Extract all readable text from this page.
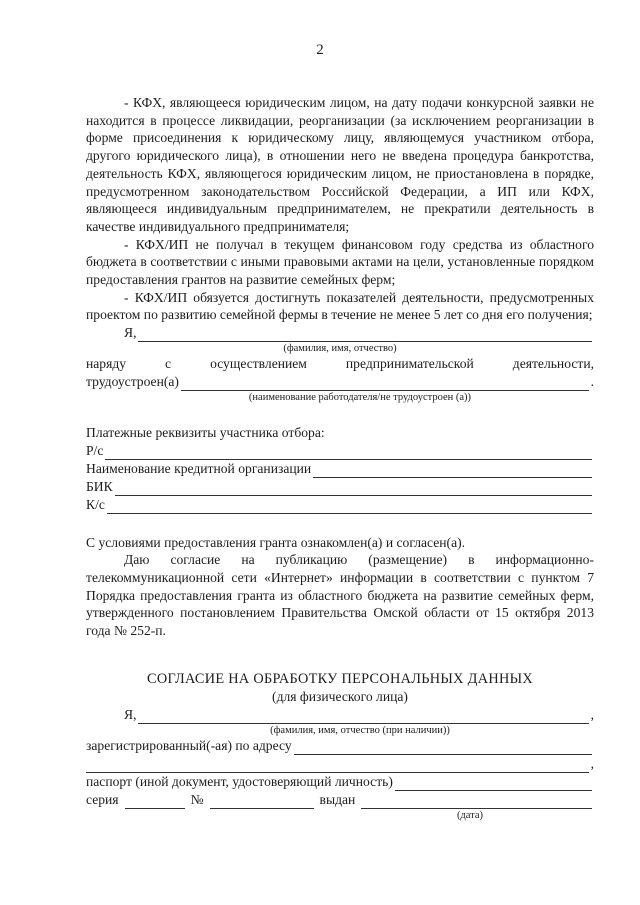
2

- КФХ, являющееся юридическим лицом, на дату подачи конкурсной заявки не находится в процессе ликвидации, реорганизации (за исключением реорганизации в форме присоединения к юридическому лицу, являющемуся участником отбора, другого юридического лица), в отношении него не введена процедура банкротства, деятельность КФХ, являющегося юридическим лицом, не приостановлена в порядке, предусмотренном законодательством Российской Федерации, а ИП или КФХ, являющееся индивидуальным предпринимателем, не прекратили деятельность в качестве индивидуального предпринимателя;

- КФХ/ИП не получал в текущем финансовом году средства из областного бюджета в соответствии с иными правовыми актами на цели, установленные порядком предоставления грантов на развитие семейных ферм;

- КФХ/ИП обязуется достигнуть показателей деятельности, предусмотренных проектом по развитию семейной фермы в течение не менее 5 лет со дня его получения;

Я,
(фамилия, имя, отчество)

наряду с осуществлением предпринимательской деятельности,

трудоустроен(а)	.
(наименование работодателя/не трудоустроен (а))

Платежные реквизиты участника отбора:

Р/с
Наименование кредитной организации
БИК
К/с

С условиями предоставления гранта ознакомлен(а) и согласен(а).

Даю согласие на публикацию (размещение) в информационно-телекоммуникационной сети «Интернет» информации в соответствии с пунктом 7 Порядка предоставления гранта из областного бюджета на развитие семейных ферм, утвержденного постановлением Правительства Омской области от 15 октября 2013 года № 252-п.

СОГЛАСИЕ НА ОБРАБОТКУ ПЕРСОНАЛЬНЫХ ДАННЫХ
(для физического лица)
Я,	,
(фамилия, имя, отчество (при наличии))
зарегистрированный(-ая) по адресу
,
паспорт (иной документ, удостоверяющий личность)
серия	№	выдан
(дата)
